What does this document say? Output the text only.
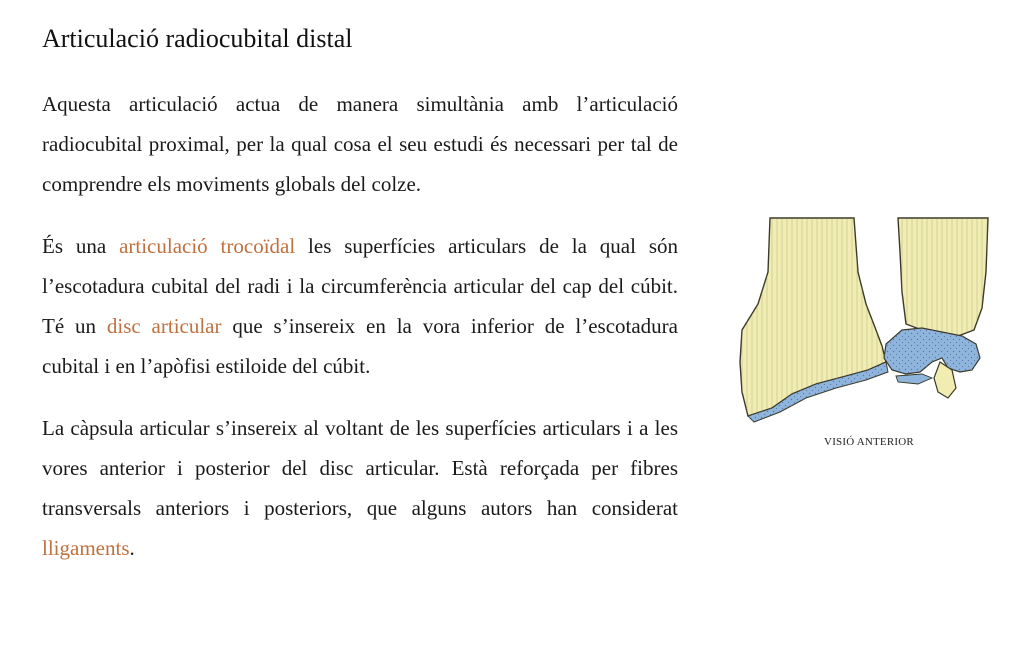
Articulació radiocubital distal

Aquesta articulació actua de manera simultània amb l’articulació radiocubital proximal, per la qual cosa el seu estudi és necessari per tal de comprendre els moviments globals del colze.

És una articulació trocoïdal les superfícies articulars de la qual són l’escotadura cubital del radi i la circumferència articular del cap del cúbit. Té un disc articular que s’insereix en la vora inferior de l’escotadura cubital i en l’apòfisi estiloide del cúbit.

La càpsula articular s’insereix al voltant de les superfícies articulars i a les vores anterior i posterior del disc articular. Està reforçada per fibres transversals anteriors i posteriors, que alguns autors han considerat lligaments.

VISIÓ ANTERIOR
